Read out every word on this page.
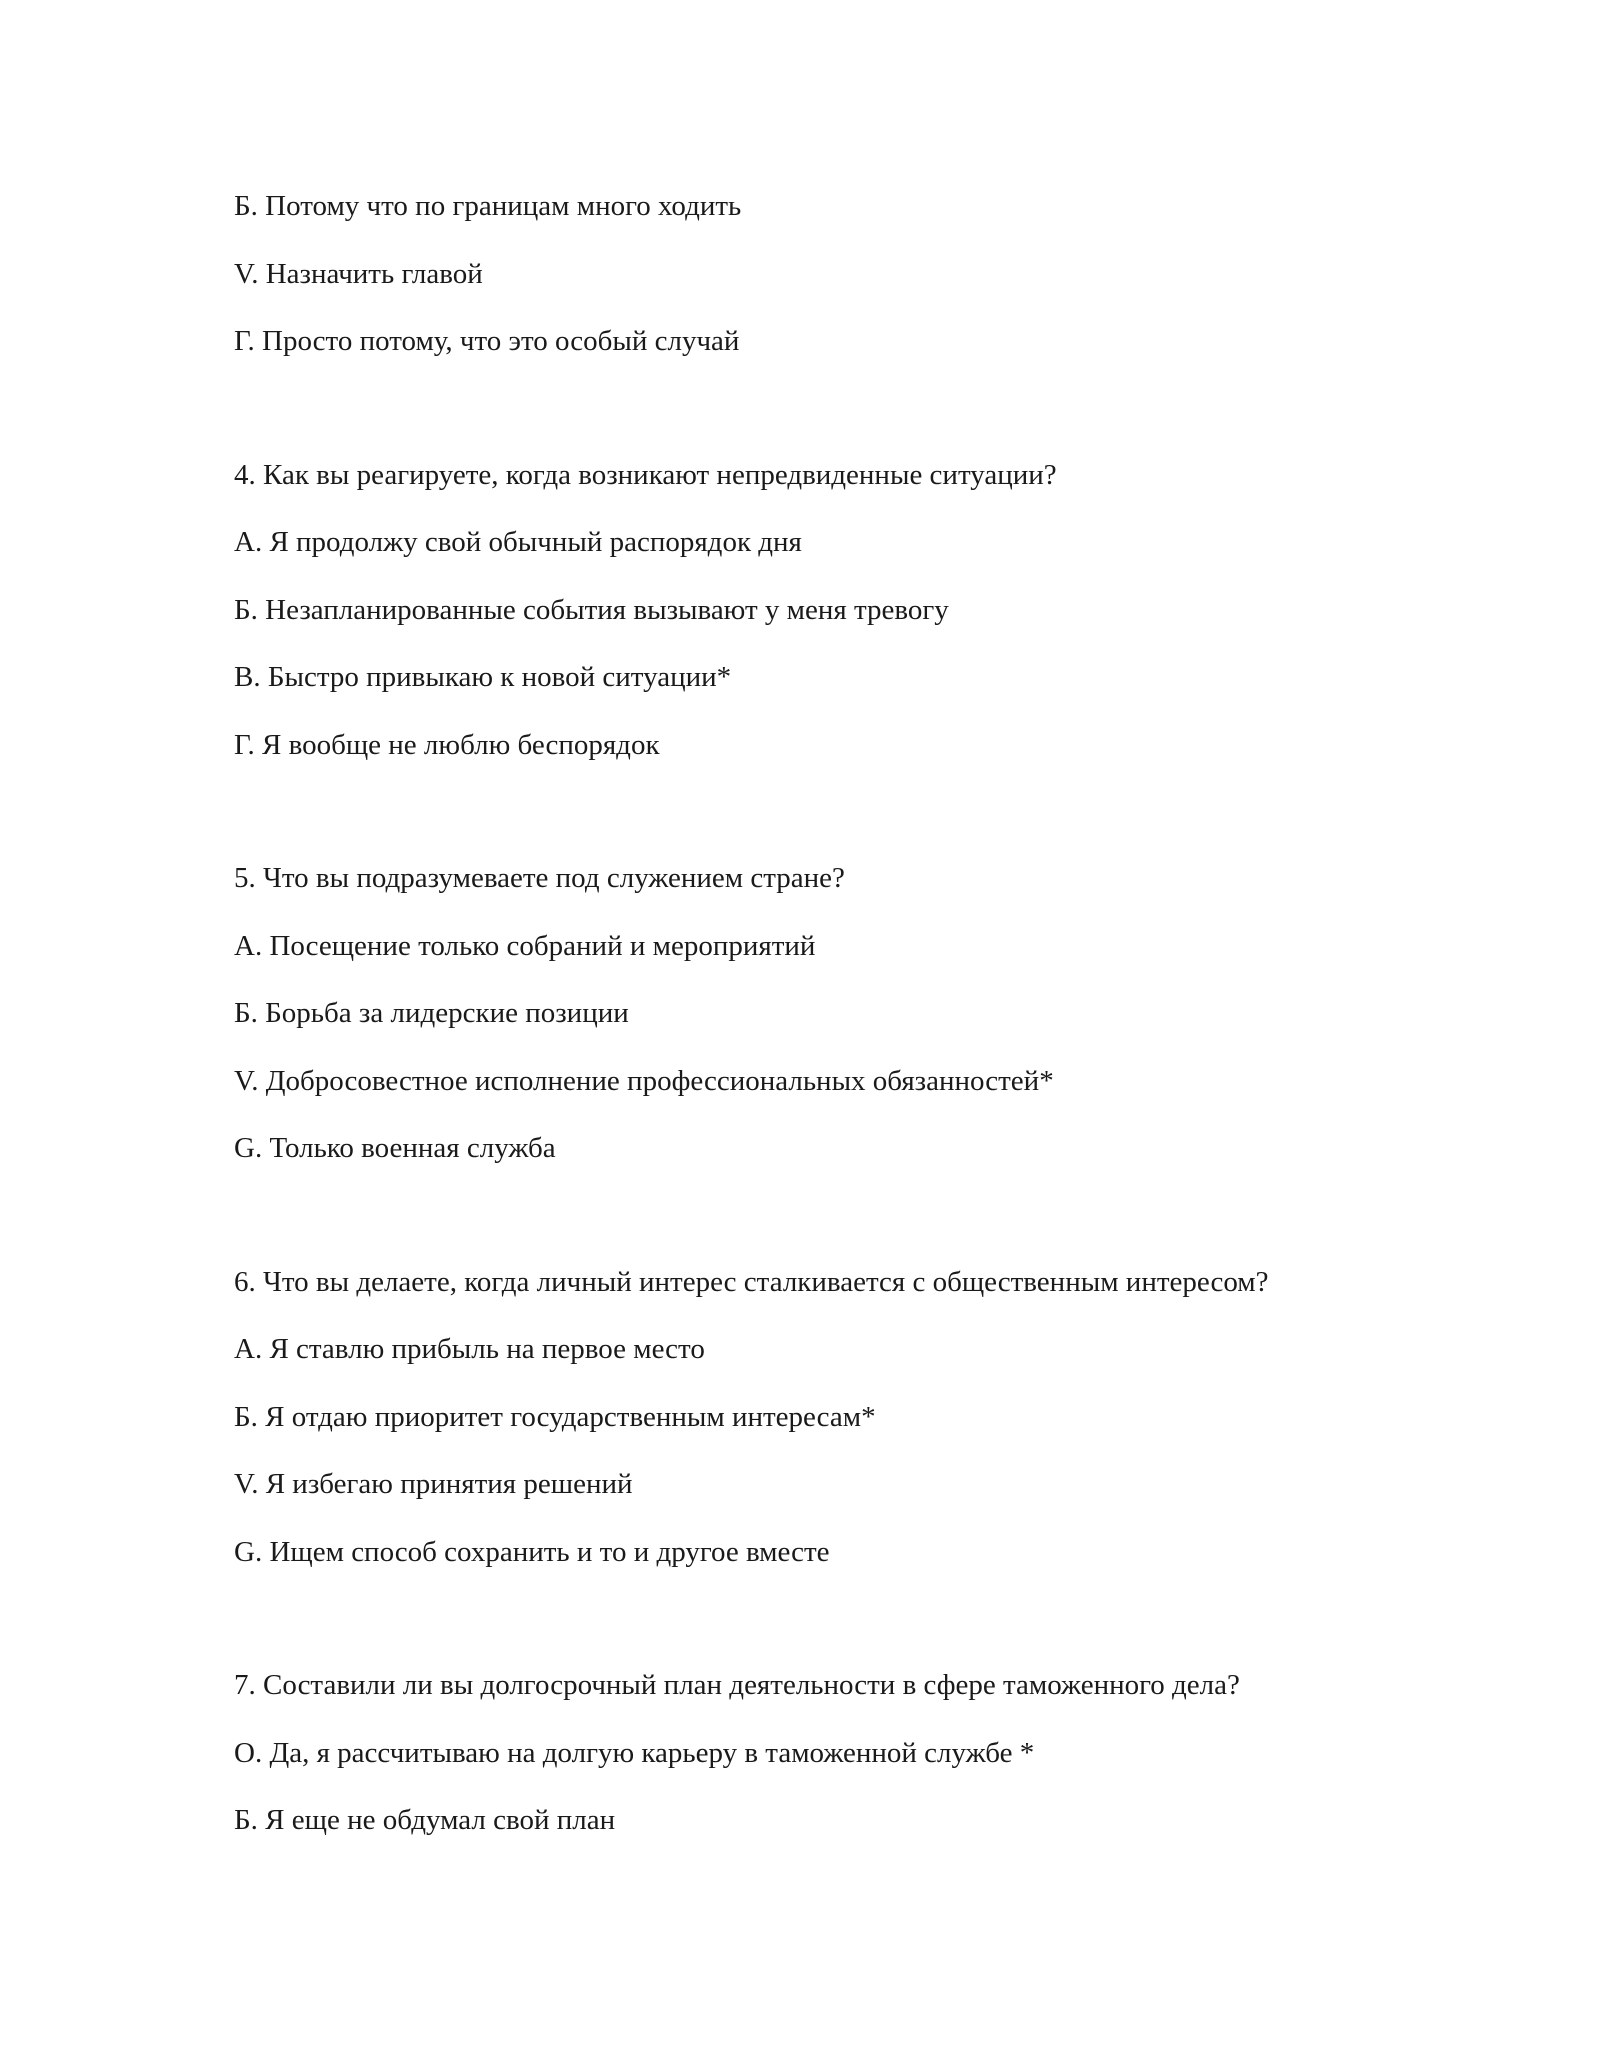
Б. Потому что по границам много ходить
V. Назначить главой
Г. Просто потому, что это особый случай
4. Как вы реагируете, когда возникают непредвиденные ситуации?
А. Я продолжу свой обычный распорядок дня
Б. Незапланированные события вызывают у меня тревогу
В. Быстро привыкаю к новой ситуации*
Г. Я вообще не люблю беспорядок
5. Что вы подразумеваете под служением стране?
А. Посещение только собраний и мероприятий
Б. Борьба за лидерские позиции
V. Добросовестное исполнение профессиональных обязанностей*
G. Только военная служба
6. Что вы делаете, когда личный интерес сталкивается с общественным интересом?
А. Я ставлю прибыль на первое место
Б. Я отдаю приоритет государственным интересам*
V. Я избегаю принятия решений
G. Ищем способ сохранить и то и другое вместе
7. Составили ли вы долгосрочный план деятельности в сфере таможенного дела?
О. Да, я рассчитываю на долгую карьеру в таможенной службе *
Б. Я еще не обдумал свой план
